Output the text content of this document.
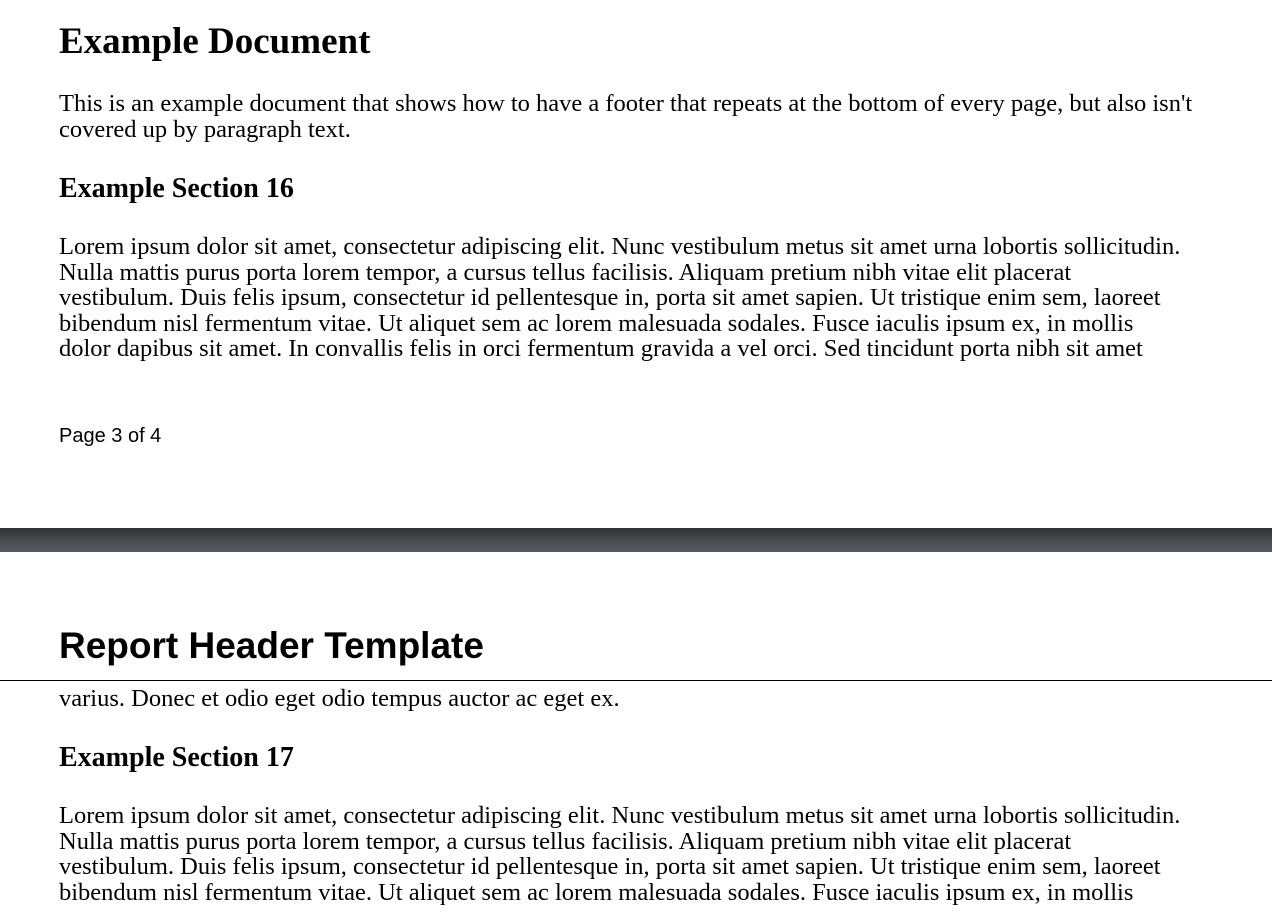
Example Document

This is an example document that shows how to have a footer that repeats at the bottom of every page, but also isn't covered up by paragraph text.

Example Section 16

Lorem ipsum dolor sit amet, consectetur adipiscing elit. Nunc vestibulum metus sit amet urna lobortis sollicitudin.
Nulla mattis purus porta lorem tempor, a cursus tellus facilisis. Aliquam pretium nibh vitae elit placerat
vestibulum. Duis felis ipsum, consectetur id pellentesque in, porta sit amet sapien. Ut tristique enim sem, laoreet
bibendum nisl fermentum vitae. Ut aliquet sem ac lorem malesuada sodales. Fusce iaculis ipsum ex, in mollis
dolor dapibus sit amet. In convallis felis in orci fermentum gravida a vel orci. Sed tincidunt porta nibh sit amet

Page 3 of 4
Report Header Template

varius. Donec et odio eget odio tempus auctor ac eget ex.

Example Section 17

Lorem ipsum dolor sit amet, consectetur adipiscing elit. Nunc vestibulum metus sit amet urna lobortis sollicitudin.
Nulla mattis purus porta lorem tempor, a cursus tellus facilisis. Aliquam pretium nibh vitae elit placerat
vestibulum. Duis felis ipsum, consectetur id pellentesque in, porta sit amet sapien. Ut tristique enim sem, laoreet
bibendum nisl fermentum vitae. Ut aliquet sem ac lorem malesuada sodales. Fusce iaculis ipsum ex, in mollis
